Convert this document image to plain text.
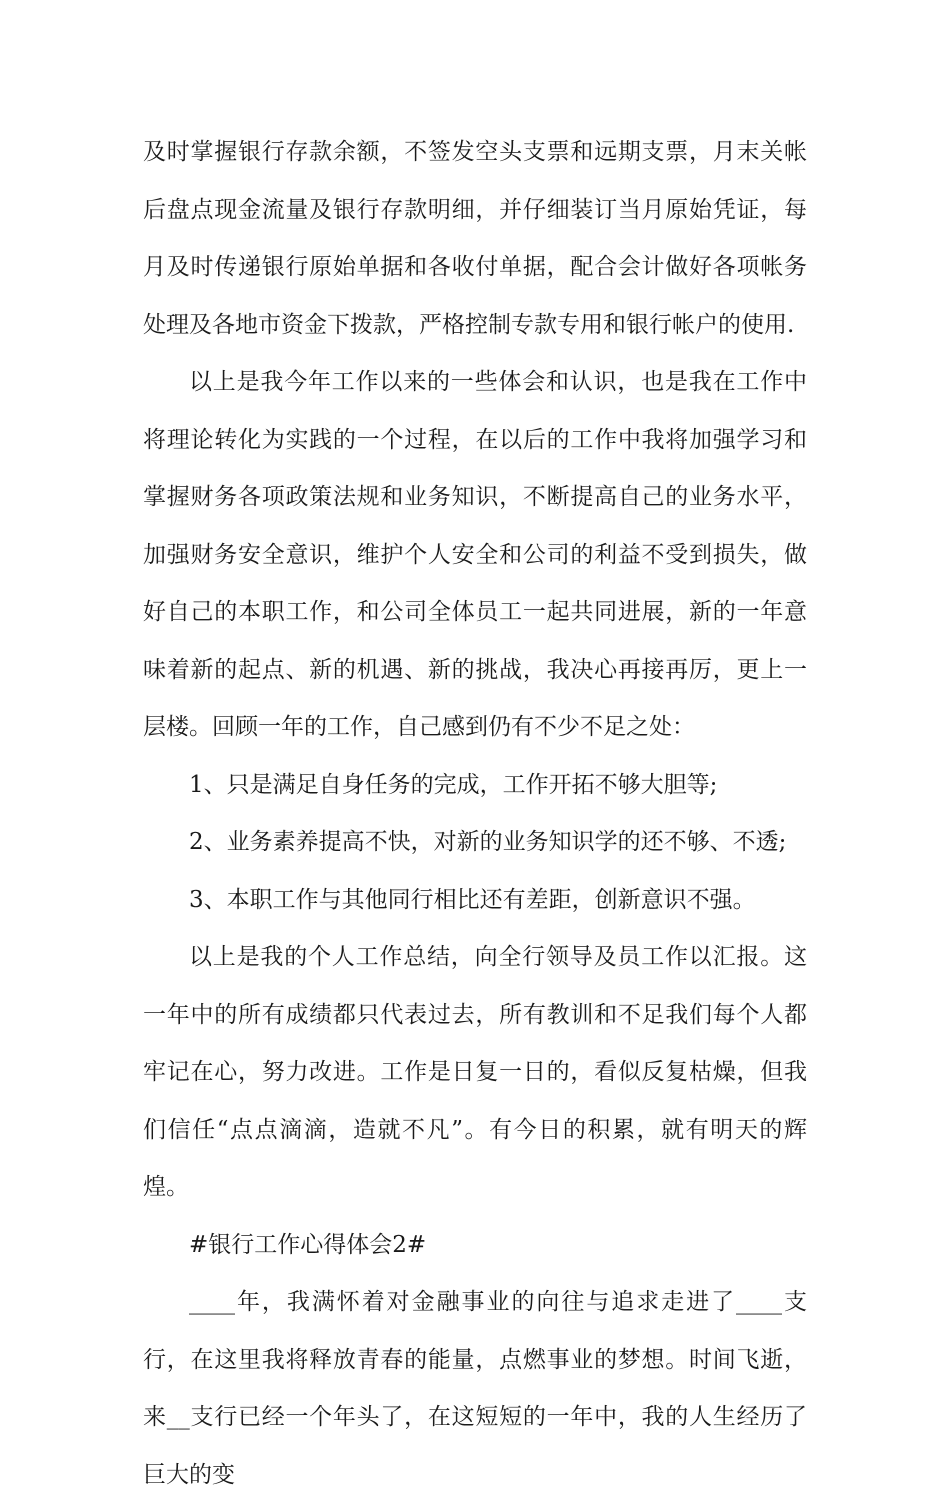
及时掌握银行存款余额，不签发空头支票和远期支票，月末关帐后盘点现金流量及银行存款明细，并仔细装订当月原始凭证，每月及时传递银行原始单据和各收付单据，配合会计做好各项帐务处理及各地市资金下拨款，严格控制专款专用和银行帐户的使用.

以上是我今年工作以来的一些体会和认识，也是我在工作中将理论转化为实践的一个过程，在以后的工作中我将加强学习和掌握财务各项政策法规和业务知识，不断提高自己的业务水平，加强财务安全意识，维护个人安全和公司的利益不受到损失，做好自己的本职工作，和公司全体员工一起共同进展，新的一年意味着新的起点、新的机遇、新的挑战，我决心再接再厉，更上一层楼。回顾一年的工作，自己感到仍有不少不足之处：

1、只是满足自身任务的完成，工作开拓不够大胆等;

2、业务素养提高不快，对新的业务知识学的还不够、不透;

3、本职工作与其他同行相比还有差距，创新意识不强。

以上是我的个人工作总结，向全行领导及员工作以汇报。这一年中的所有成绩都只代表过去，所有教训和不足我们每个人都牢记在心，努力改进。工作是日复一日的，看似反复枯燥，但我们信任“点点滴滴，造就不凡”。有今日的积累，就有明天的辉煌。

#银行工作心得体会2#

____年，我满怀着对金融事业的向往与追求走进了____支行，在这里我将释放青春的能量，点燃事业的梦想。时间飞逝，来__支行已经一个年头了，在这短短的一年中，我的人生经历了巨大的变
